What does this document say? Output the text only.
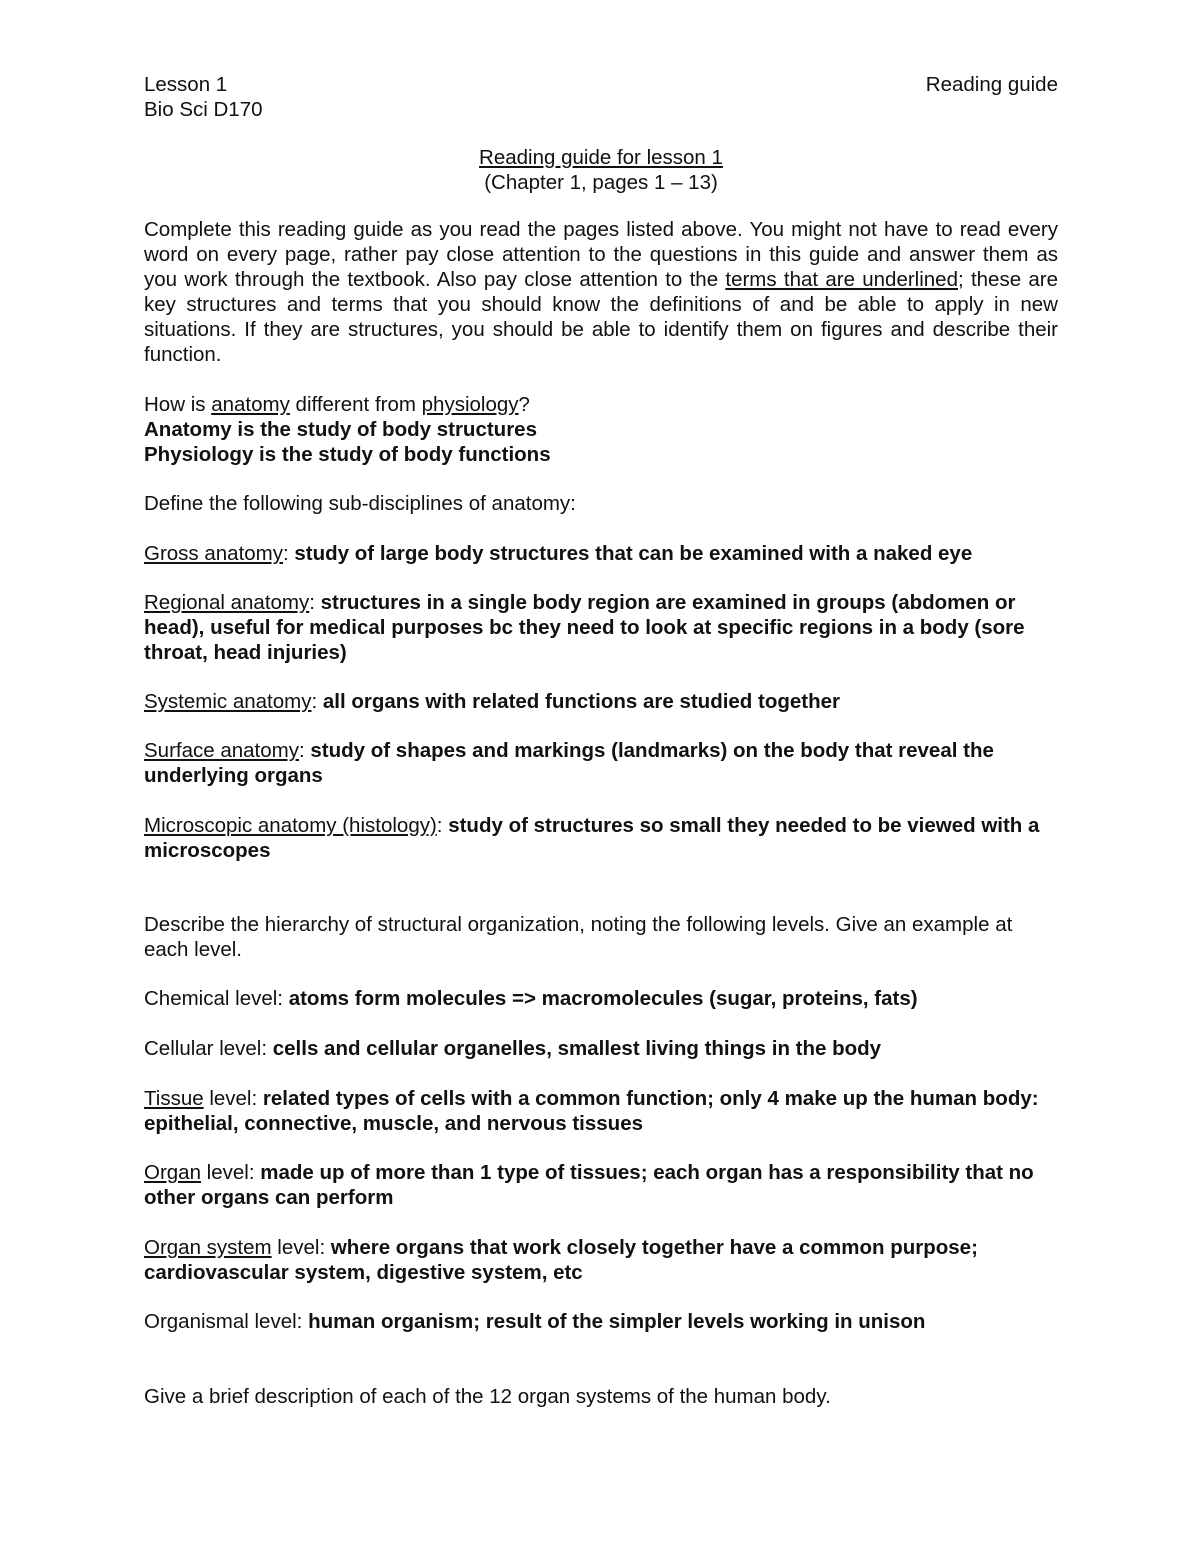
Lesson 1
Bio Sci D170
Reading guide
Reading guide for lesson 1
(Chapter 1, pages 1 – 13)

Complete this reading guide as you read the pages listed above. You might not have to read every word on every page, rather pay close attention to the questions in this guide and answer them as you work through the textbook. Also pay close attention to the terms that are underlined; these are key structures and terms that you should know the definitions of and be able to apply in new situations. If they are structures, you should be able to identify them on figures and describe their function.

How is anatomy different from physiology?

Anatomy is the study of body structures

Physiology is the study of body functions

Define the following sub-disciplines of anatomy:

Gross anatomy: study of large body structures that can be examined with a naked eye

Regional anatomy: structures in a single body region are examined in groups (abdomen or head), useful for medical purposes bc they need to look at specific regions in a body (sore throat, head injuries)

Systemic anatomy: all organs with related functions are studied together

Surface anatomy: study of shapes and markings (landmarks) on the body that reveal the underlying organs

Microscopic anatomy (histology): study of structures so small they needed to be viewed with a microscopes

Describe the hierarchy of structural organization, noting the following levels. Give an example at each level.

Chemical level: atoms form molecules => macromolecules (sugar, proteins, fats)

Cellular level: cells and cellular organelles, smallest living things in the body

Tissue level: related types of cells with a common function; only 4 make up the human body: epithelial, connective, muscle, and nervous tissues

Organ level: made up of more than 1 type of tissues; each organ has a responsibility that no other organs can perform

Organ system level: where organs that work closely together have a common purpose; cardiovascular system, digestive system, etc

Organismal level: human organism; result of the simpler levels working in unison

Give a brief description of each of the 12 organ systems of the human body.
